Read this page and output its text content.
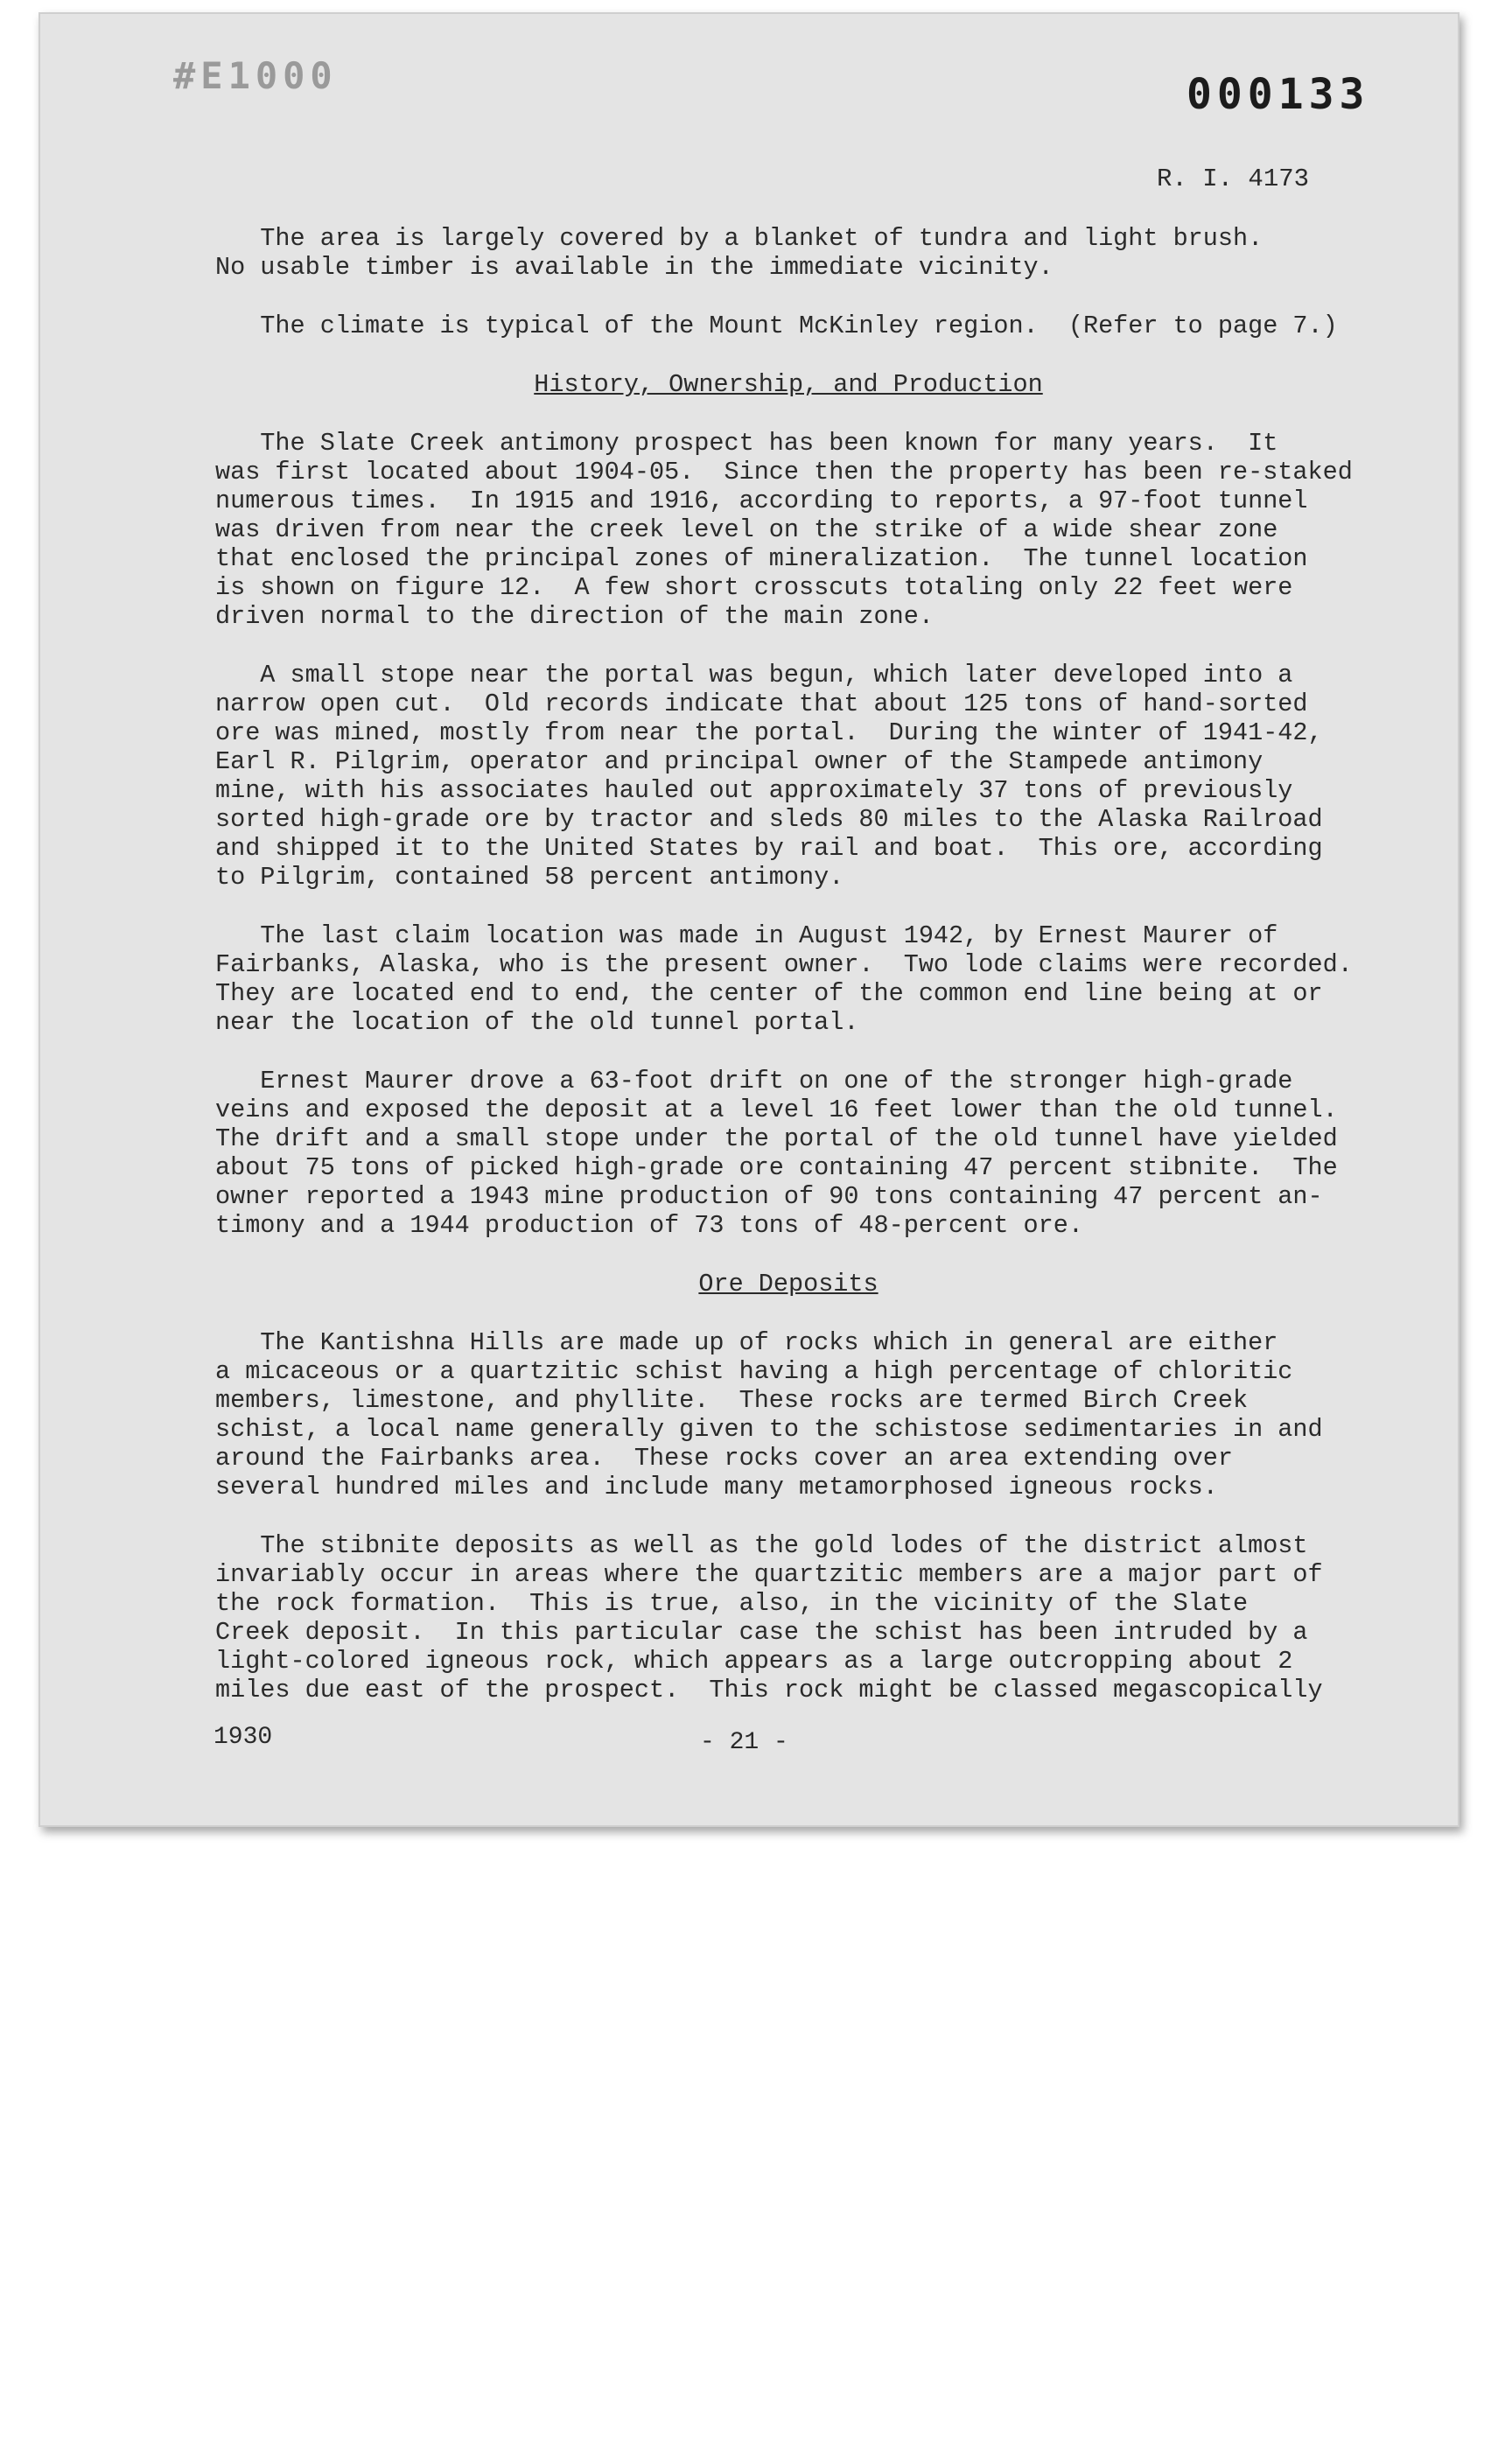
#E1000	000133
R. I. 4173
The area is largely covered by a blanket of tundra and light brush.
No usable timber is available in the immediate vicinity.
The climate is typical of the Mount McKinley region.  (Refer to page 7.)
History, Ownership, and Production
The Slate Creek antimony prospect has been known for many years.  It
was first located about 1904-05.  Since then the property has been re-staked
numerous times.  In 1915 and 1916, according to reports, a 97-foot tunnel
was driven from near the creek level on the strike of a wide shear zone
that enclosed the principal zones of mineralization.  The tunnel location
is shown on figure 12.  A few short crosscuts totaling only 22 feet were
driven normal to the direction of the main zone.
A small stope near the portal was begun, which later developed into a
narrow open cut.  Old records indicate that about 125 tons of hand-sorted
ore was mined, mostly from near the portal.  During the winter of 1941-42,
Earl R. Pilgrim, operator and principal owner of the Stampede antimony
mine, with his associates hauled out approximately 37 tons of previously
sorted high-grade ore by tractor and sleds 80 miles to the Alaska Railroad
and shipped it to the United States by rail and boat.  This ore, according
to Pilgrim, contained 58 percent antimony.
The last claim location was made in August 1942, by Ernest Maurer of
Fairbanks, Alaska, who is the present owner.  Two lode claims were recorded.
They are located end to end, the center of the common end line being at or
near the location of the old tunnel portal.
Ernest Maurer drove a 63-foot drift on one of the stronger high-grade
veins and exposed the deposit at a level 16 feet lower than the old tunnel.
The drift and a small stope under the portal of the old tunnel have yielded
about 75 tons of picked high-grade ore containing 47 percent stibnite.  The
owner reported a 1943 mine production of 90 tons containing 47 percent an-
timony and a 1944 production of 73 tons of 48-percent ore.
Ore Deposits
The Kantishna Hills are made up of rocks which in general are either
a micaceous or a quartzitic schist having a high percentage of chloritic
members, limestone, and phyllite.  These rocks are termed Birch Creek
schist, a local name generally given to the schistose sedimentaries in and
around the Fairbanks area.  These rocks cover an area extending over
several hundred miles and include many metamorphosed igneous rocks.
The stibnite deposits as well as the gold lodes of the district almost
invariably occur in areas where the quartzitic members are a major part of
the rock formation.  This is true, also, in the vicinity of the Slate
Creek deposit.  In this particular case the schist has been intruded by a
light-colored igneous rock, which appears as a large outcropping about 2
miles due east of the prospect.  This rock might be classed megascopically
1930	- 21 -
